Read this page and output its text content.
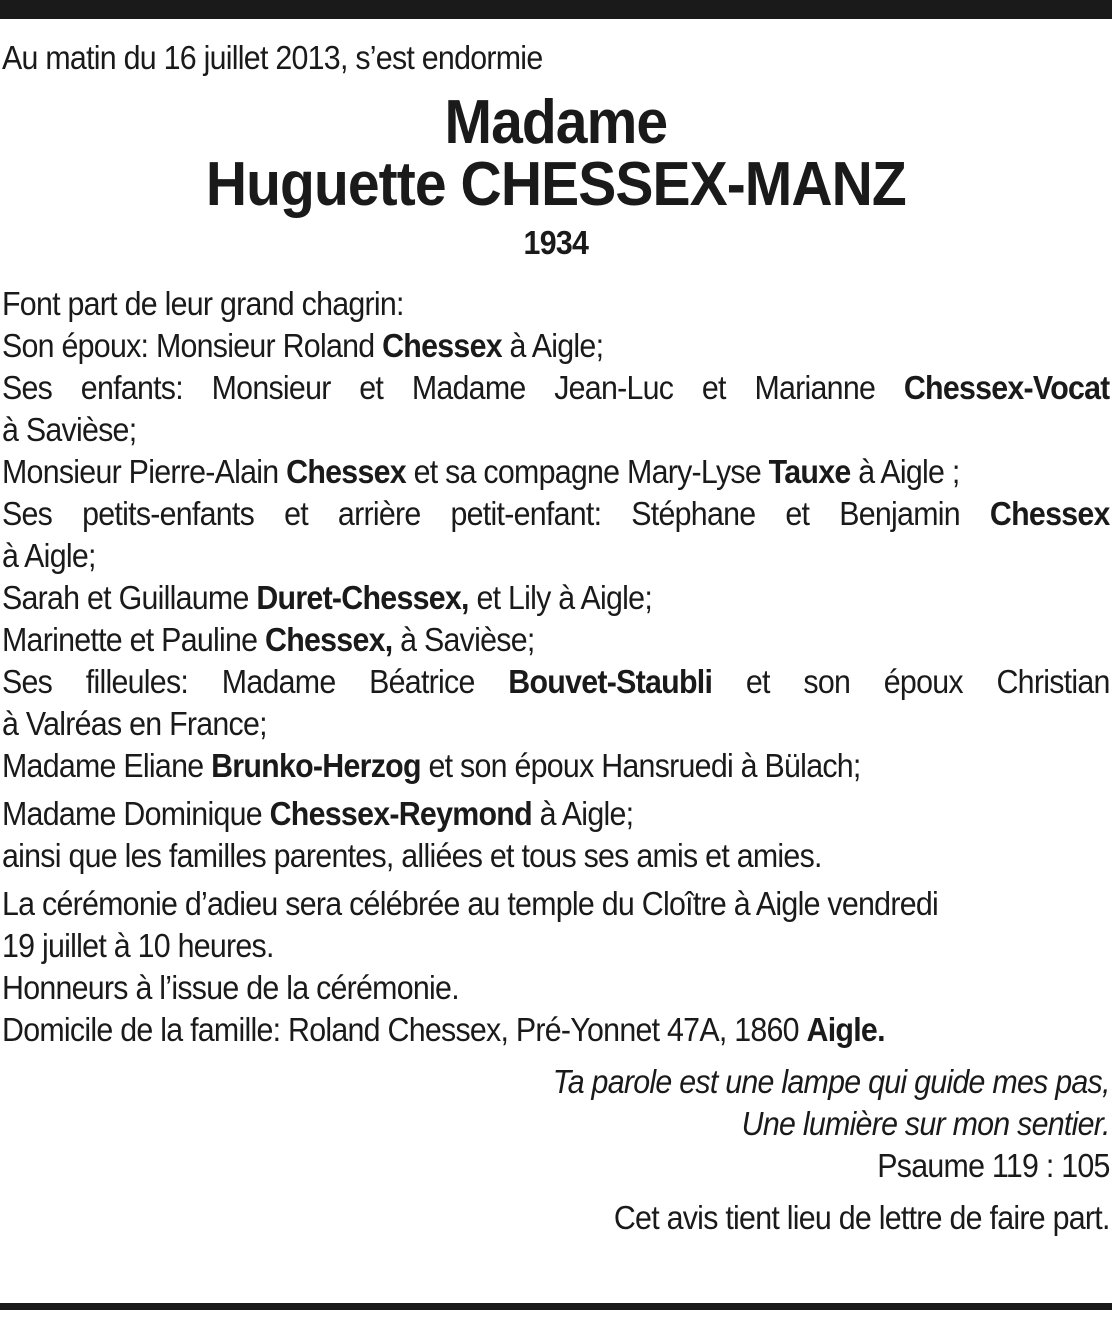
Au matin du 16 juillet 2013, s’est endormie
Madame
Huguette CHESSEX-MANZ
1934
Font part de leur grand chagrin:
Son époux: Monsieur Roland Chessex à Aigle;
Ses enfants: Monsieur et Madame Jean-Luc et Marianne Chessex-Vocat
à Savièse;
Monsieur Pierre-Alain Chessex et sa compagne Mary-Lyse Tauxe à Aigle ;
Ses petits-enfants et arrière petit-enfant: Stéphane et Benjamin Chessex
à Aigle;
Sarah et Guillaume Duret-Chessex, et Lily à Aigle;
Marinette et Pauline Chessex, à Savièse;
Ses filleules: Madame Béatrice Bouvet-Staubli et son époux Christian
à Valréas en France;
Madame Eliane Brunko-Herzog et son époux Hansruedi à Bülach;
Madame Dominique Chessex-Reymond à Aigle;
ainsi que les familles parentes, alliées et tous ses amis et amies.
La cérémonie d’adieu sera célébrée au temple du Cloître à Aigle vendredi
19 juillet à 10 heures.
Honneurs à l’issue de la cérémonie.
Domicile de la famille: Roland Chessex, Pré-Yonnet 47A, 1860 Aigle.
Ta parole est une lampe qui guide mes pas,
Une lumière sur mon sentier.
Psaume 119 : 105
Cet avis tient lieu de lettre de faire part.
